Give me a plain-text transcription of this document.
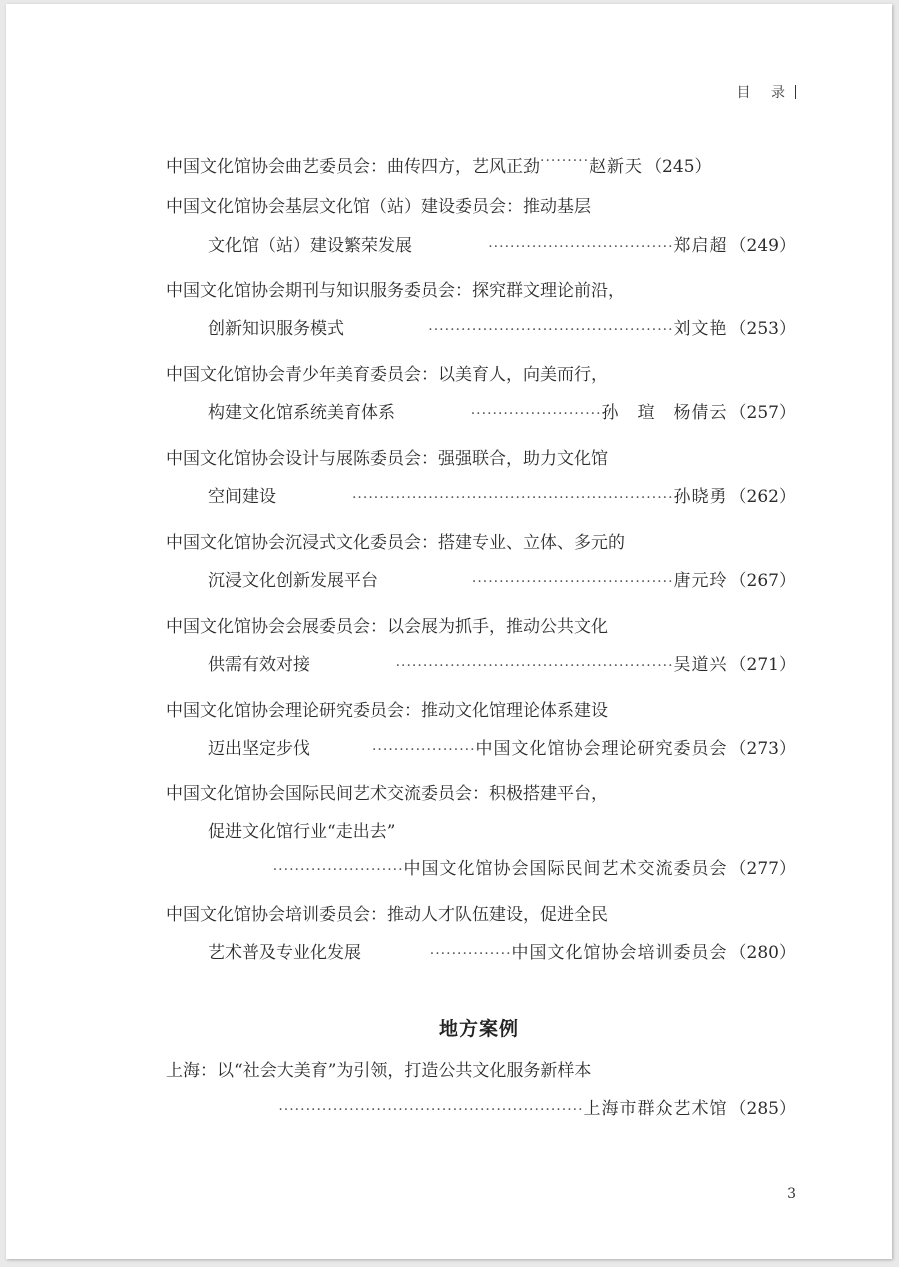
目 录
中国文化馆协会曲艺委员会：曲传四方，艺风正劲·········赵新天 （245）
中国文化馆协会基层文化馆（站）建设委员会：推动基层
文化馆（站）建设繁荣发展	·································· 郑启超 （249）
中国文化馆协会期刊与知识服务委员会：探究群文理论前沿，
创新知识服务模式	············································· 刘文艳 （253）
中国文化馆协会青少年美育委员会：以美育人，向美而行，
构建文化馆系统美育体系	························ 孙　瑄　杨倩云 （257）
中国文化馆协会设计与展陈委员会：强强联合，助力文化馆
空间建设	··························································· 孙晓勇 （262）
中国文化馆协会沉浸式文化委员会：搭建专业、立体、多元的
沉浸文化创新发展平台	····································· 唐元玲 （267）
中国文化馆协会会展委员会：以会展为抓手，推动公共文化
供需有效对接	··················································· 吴道兴 （271）
中国文化馆协会理论研究委员会：推动文化馆理论体系建设
迈出坚定步伐	··················· 中国文化馆协会理论研究委员会 （273）
中国文化馆协会国际民间艺术交流委员会：积极搭建平台，
促进文化馆行业“走出去”
························ 中国文化馆协会国际民间艺术交流委员会 （277）
中国文化馆协会培训委员会：推动人才队伍建设，促进全民
艺术普及专业化发展	··············· 中国文化馆协会培训委员会 （280）
地方案例
上海：以“社会大美育”为引领，打造公共文化服务新样本
························································ 上海市群众艺术馆 （285）
3
